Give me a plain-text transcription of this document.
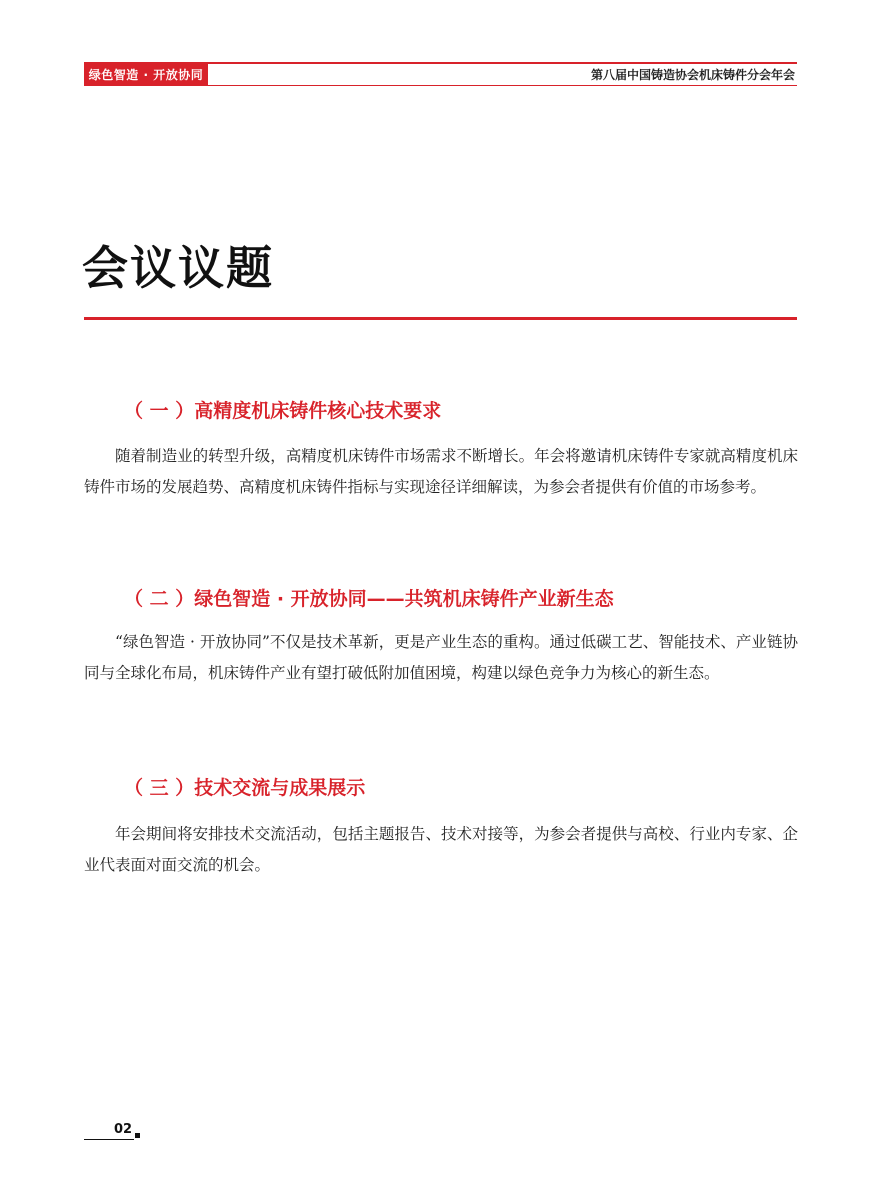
绿色智造 · 开放协同	第八届中国铸造协会机床铸件分会年会
会议议题
（ 一 ）高精度机床铸件核心技术要求

随着制造业的转型升级，高精度机床铸件市场需求不断增长。年会将邀请机床铸件专家就高精度机床铸件市场的发展趋势、高精度机床铸件指标与实现途径详细解读，为参会者提供有价值的市场参考。

（ 二 ）绿色智造 · 开放协同——共筑机床铸件产业新生态

“绿色智造 · 开放协同”不仅是技术革新，更是产业生态的重构。通过低碳工艺、智能技术、产业链协同与全球化布局，机床铸件产业有望打破低附加值困境，构建以绿色竞争力为核心的新生态。

（ 三 ）技术交流与成果展示

年会期间将安排技术交流活动，包括主题报告、技术对接等，为参会者提供与高校、行业内专家、企业代表面对面交流的机会。

02
